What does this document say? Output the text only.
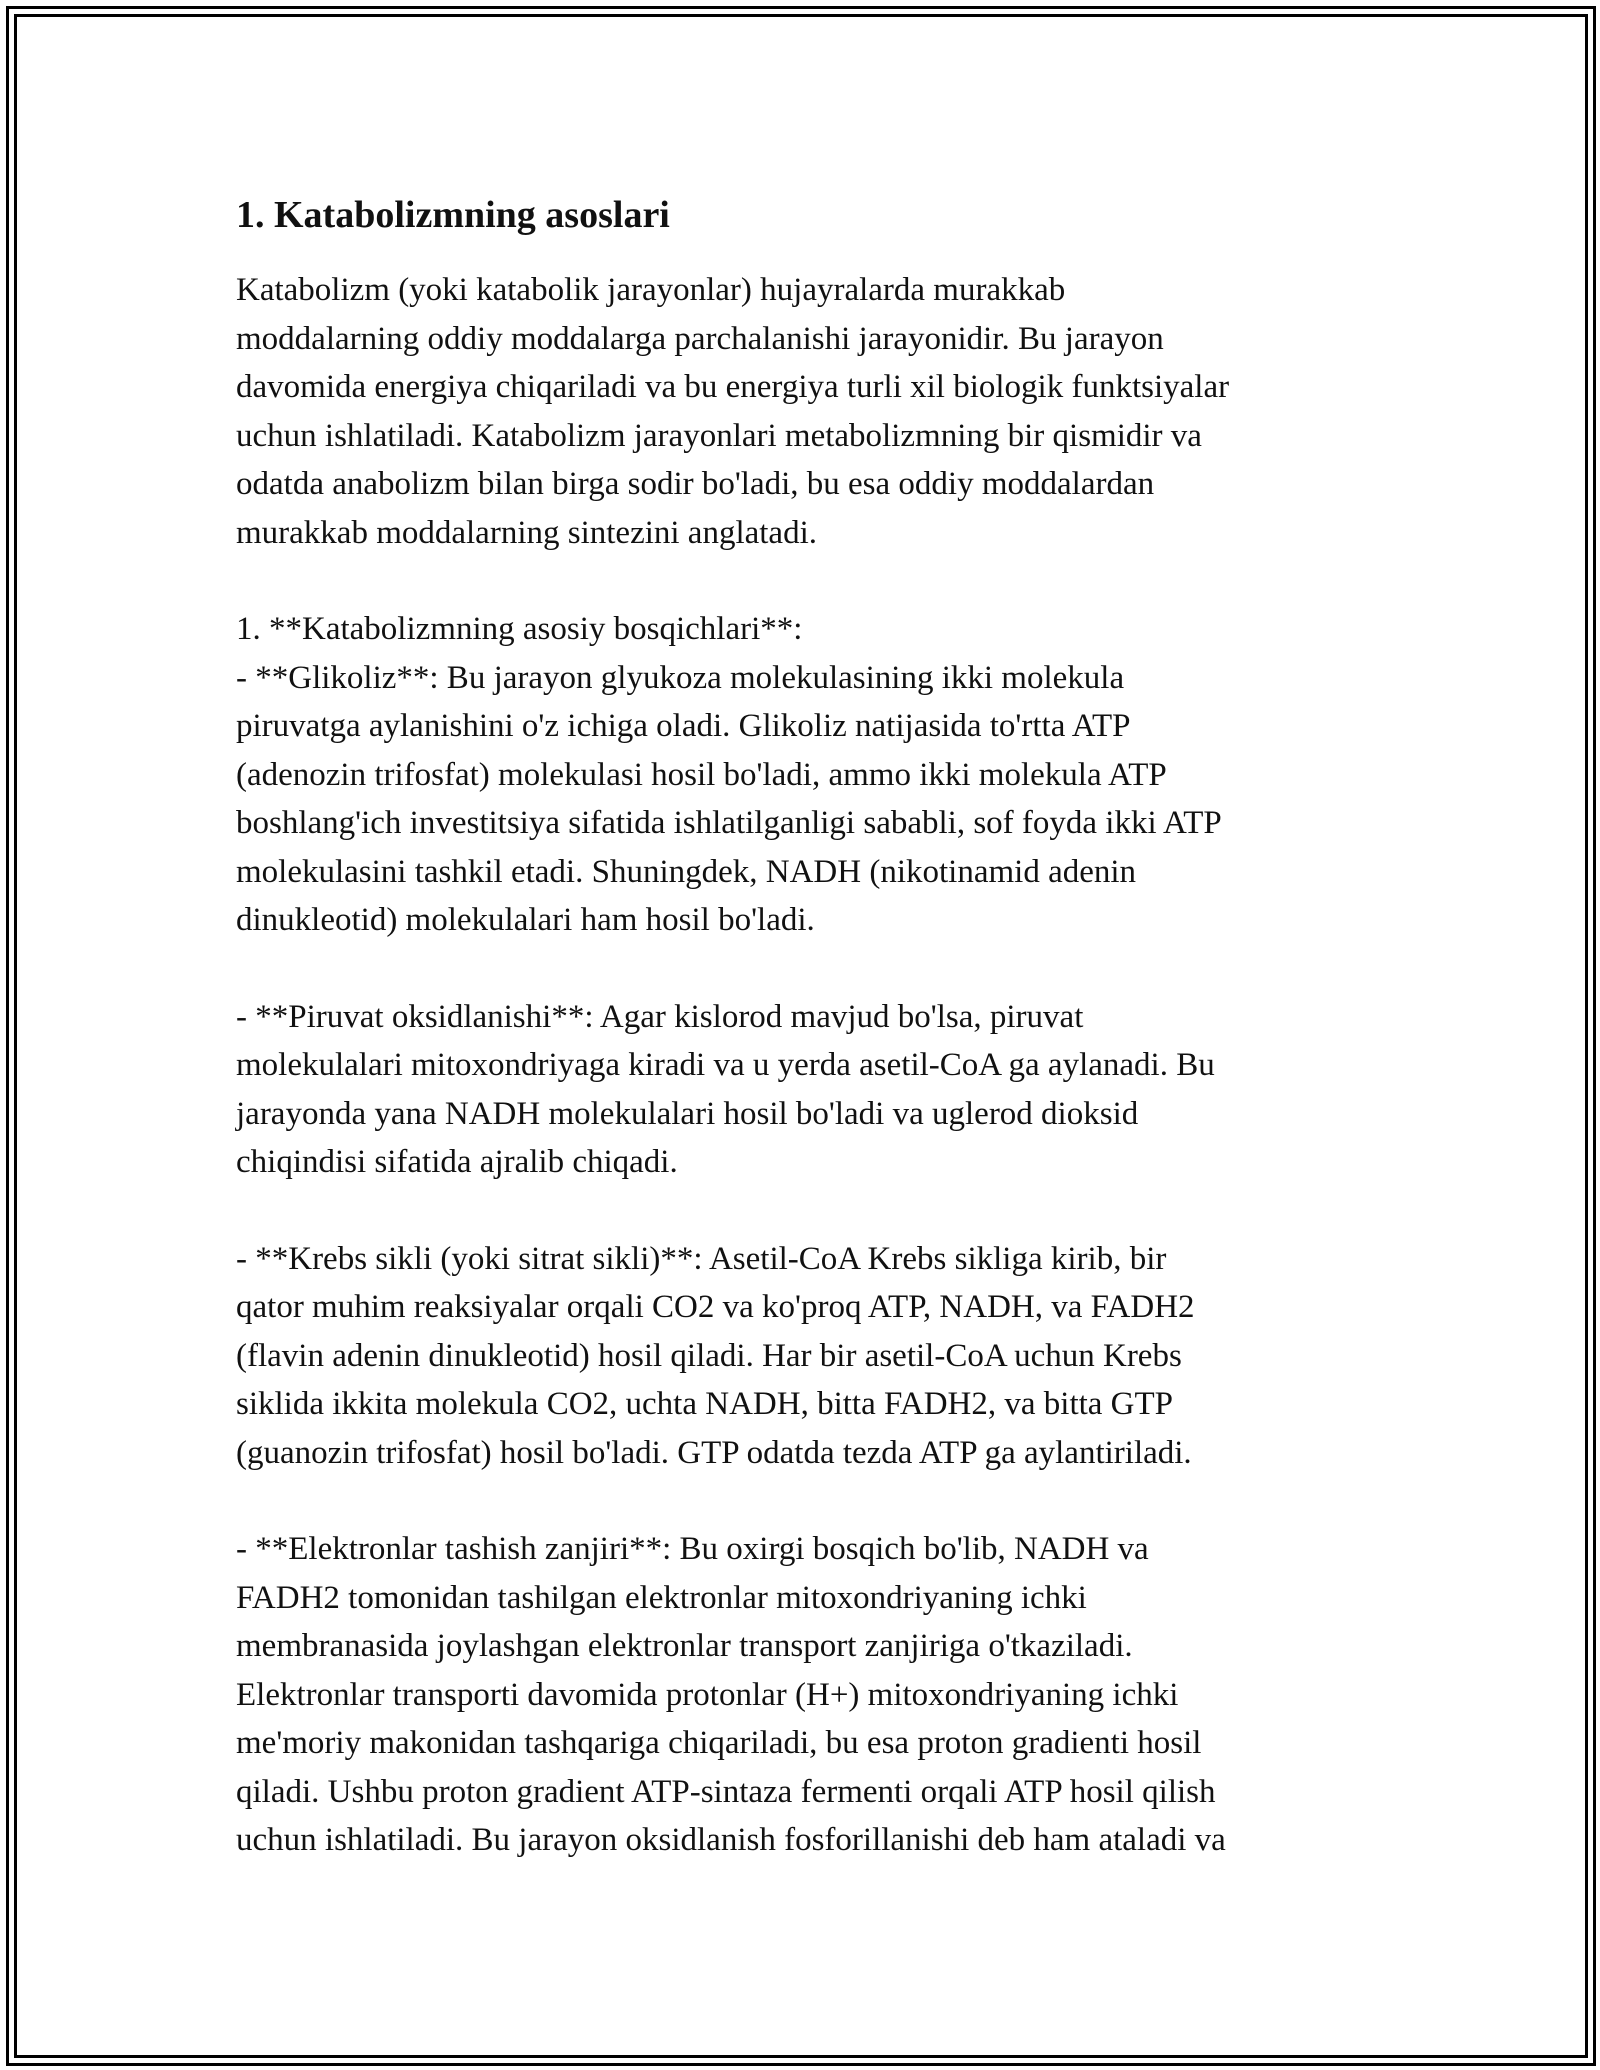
1. Katabolizmning asoslari

Katabolizm (yoki katabolik jarayonlar) hujayralarda murakkab
moddalarning oddiy moddalarga parchalanishi jarayonidir. Bu jarayon
davomida energiya chiqariladi va bu energiya turli xil biologik funktsiyalar
uchun ishlatiladi. Katabolizm jarayonlari metabolizmning bir qismidir va
odatda anabolizm bilan birga sodir bo'ladi, bu esa oddiy moddalardan
murakkab moddalarning sintezini anglatadi.

1. **Katabolizmning asosiy bosqichlari**:

- **Glikoliz**: Bu jarayon glyukoza molekulasining ikki molekula
piruvatga aylanishini o'z ichiga oladi. Glikoliz natijasida to'rtta ATP
(adenozin trifosfat) molekulasi hosil bo'ladi, ammo ikki molekula ATP
boshlang'ich investitsiya sifatida ishlatilganligi sababli, sof foyda ikki ATP
molekulasini tashkil etadi. Shuningdek, NADH (nikotinamid adenin
dinukleotid) molekulalari ham hosil bo'ladi.

- **Piruvat oksidlanishi**: Agar kislorod mavjud bo'lsa, piruvat
molekulalari mitoxondriyaga kiradi va u yerda asetil-CoA ga aylanadi. Bu
jarayonda yana NADH molekulalari hosil bo'ladi va uglerod dioksid
chiqindisi sifatida ajralib chiqadi.

- **Krebs sikli (yoki sitrat sikli)**: Asetil-CoA Krebs sikliga kirib, bir
qator muhim reaksiyalar orqali CO2 va ko'proq ATP, NADH, va FADH2
(flavin adenin dinukleotid) hosil qiladi. Har bir asetil-CoA uchun Krebs
siklida ikkita molekula CO2, uchta NADH, bitta FADH2, va bitta GTP
(guanozin trifosfat) hosil bo'ladi. GTP odatda tezda ATP ga aylantiriladi.

- **Elektronlar tashish zanjiri**: Bu oxirgi bosqich bo'lib, NADH va
FADH2 tomonidan tashilgan elektronlar mitoxondriyaning ichki
membranasida joylashgan elektronlar transport zanjiriga o'tkaziladi.
Elektronlar transporti davomida protonlar (H+) mitoxondriyaning ichki
me'moriy makonidan tashqariga chiqariladi, bu esa proton gradienti hosil
qiladi. Ushbu proton gradient ATP-sintaza fermenti orqali ATP hosil qilish
uchun ishlatiladi. Bu jarayon oksidlanish fosforillanishi deb ham ataladi va
